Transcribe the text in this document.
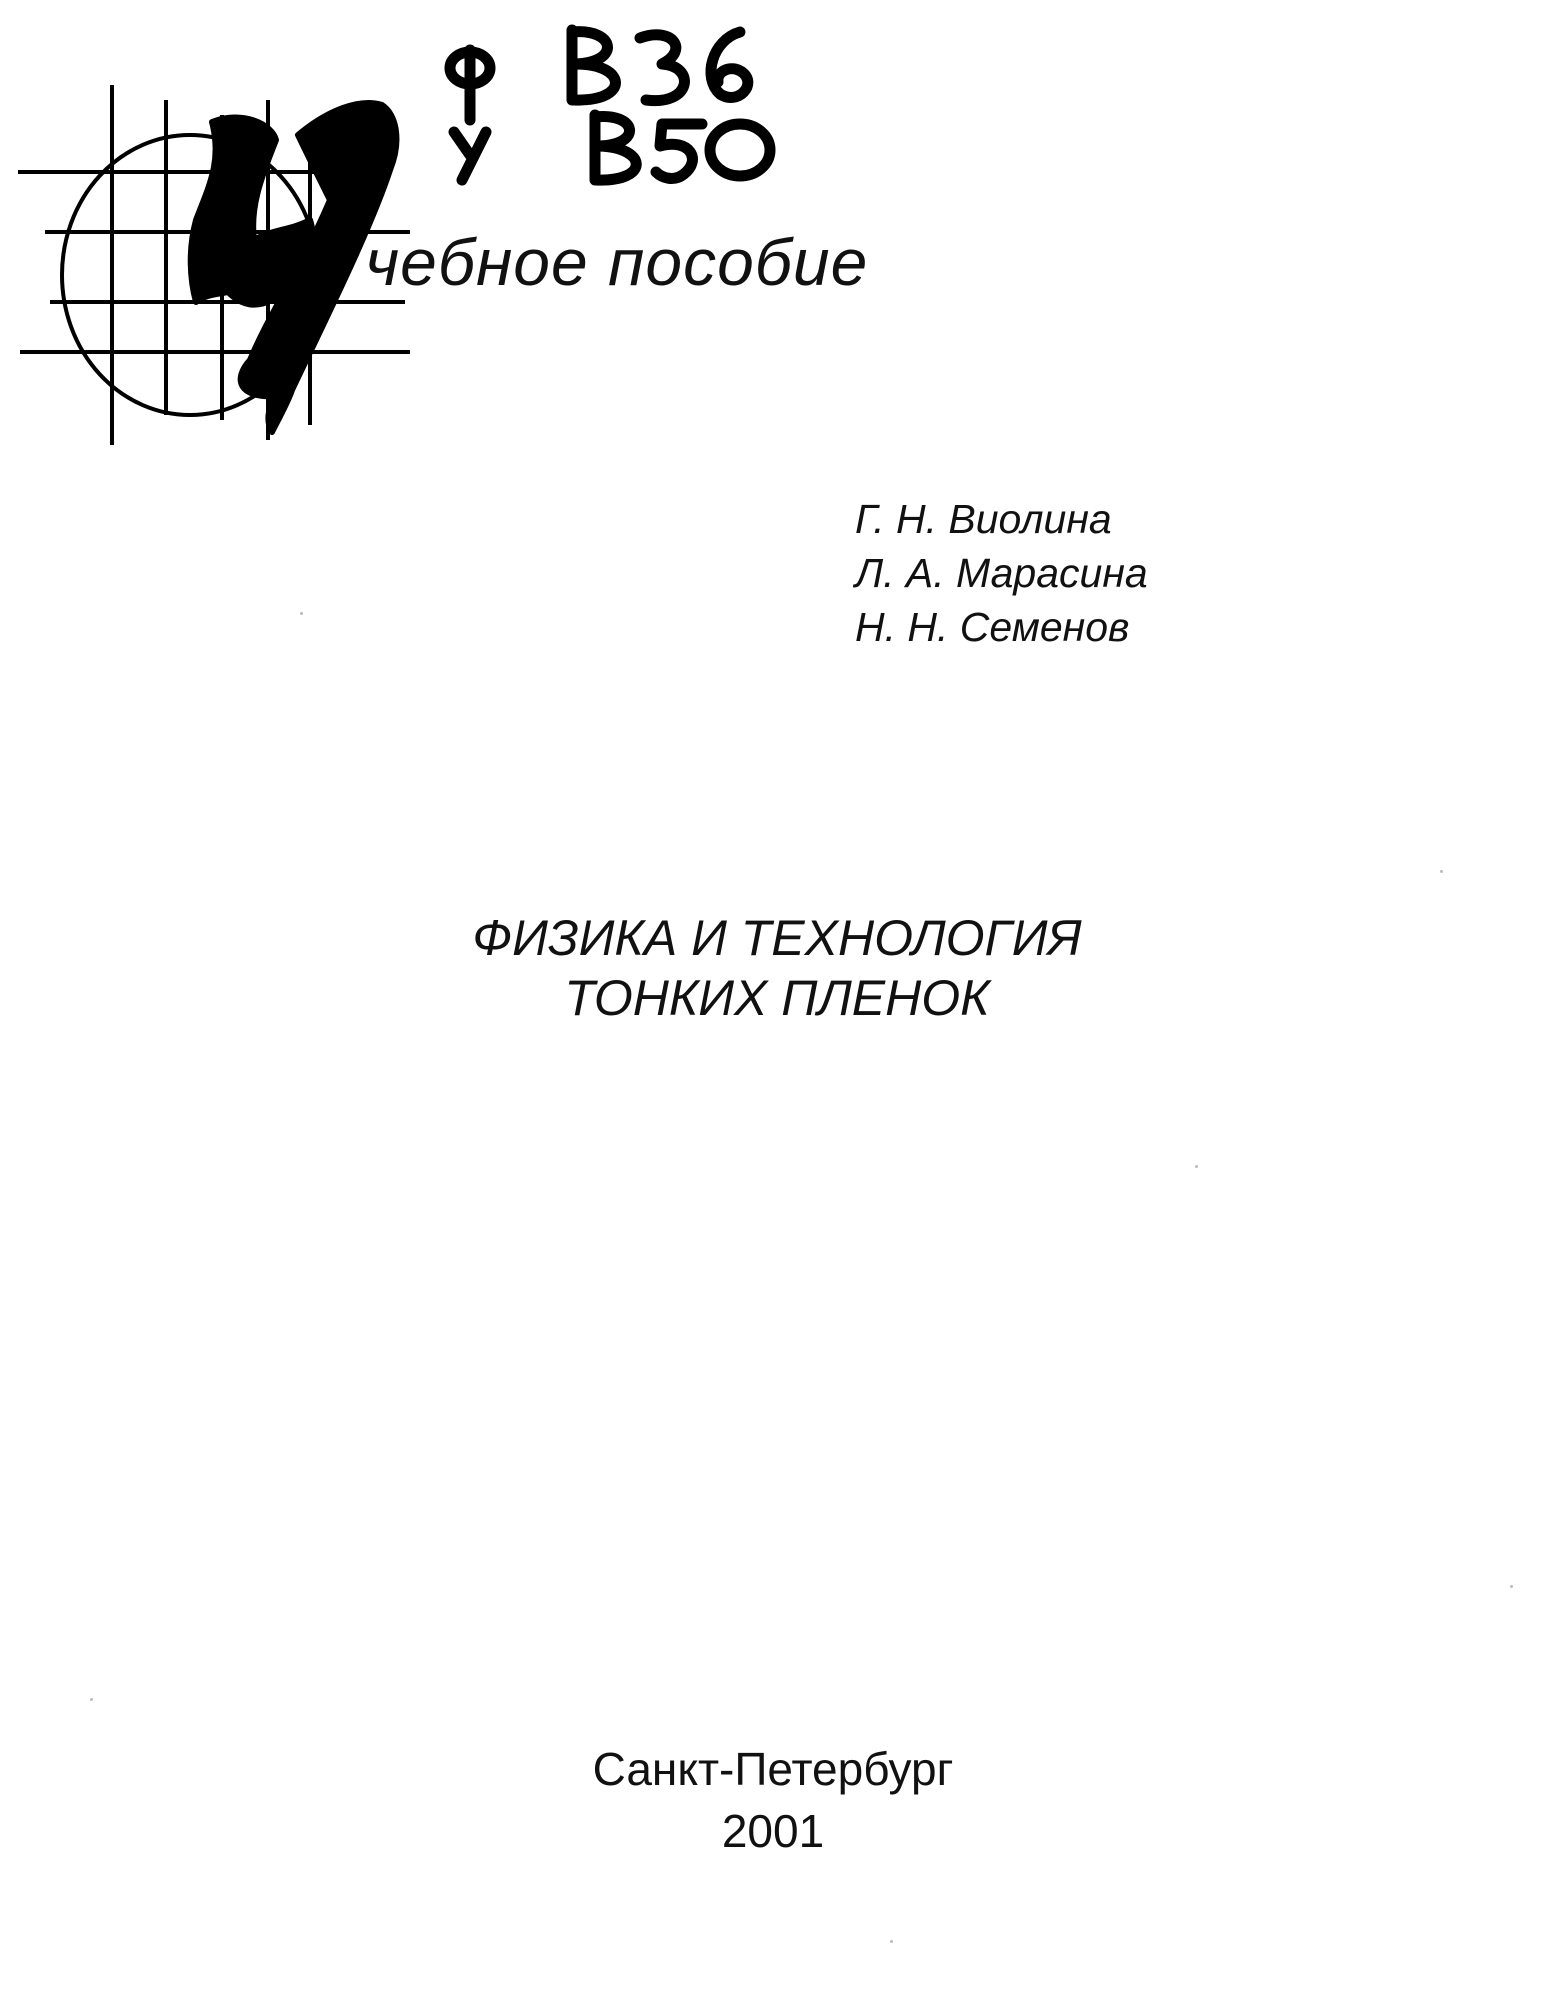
чебное пособие
Г. Н. Виолина
Л. А. Марасина
Н. Н. Семенов
ФИЗИКА И ТЕХНОЛОГИЯ
ТОНКИХ ПЛЕНОК
Санкт-Петербург
2001
